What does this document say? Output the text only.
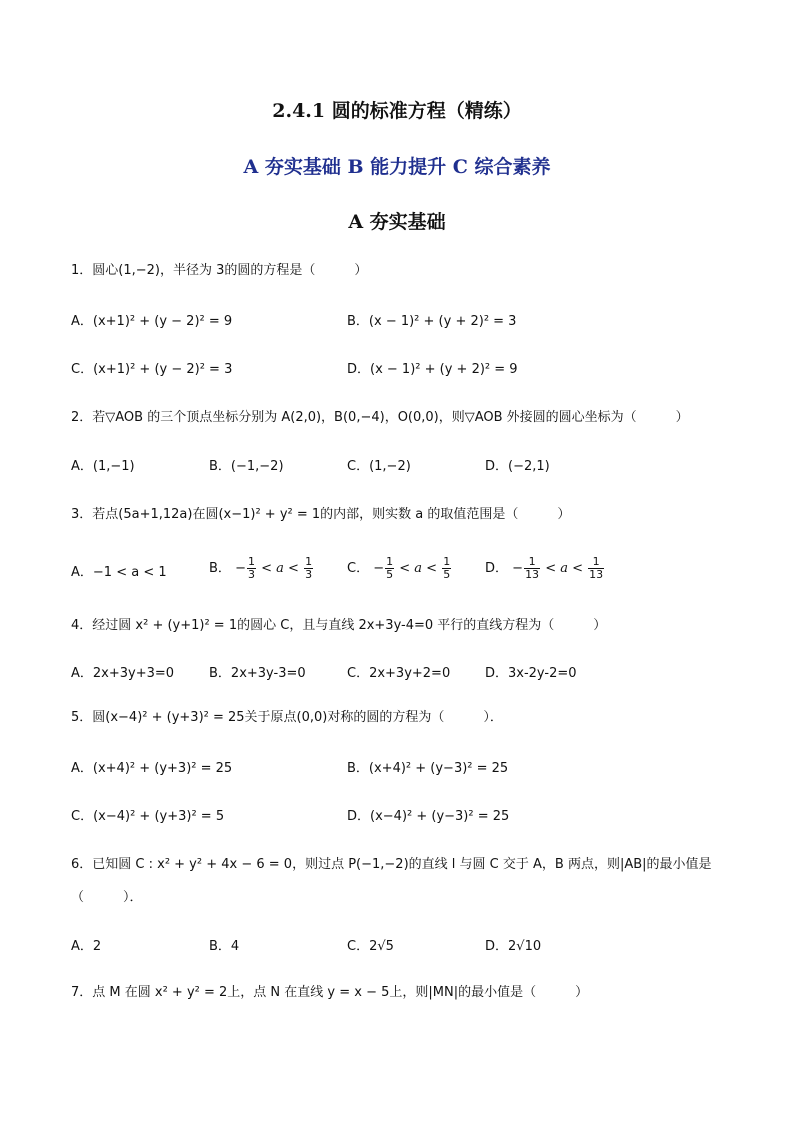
2.4.1 圆的标准方程（精练）
A 夯实基础 B 能力提升 C 综合素养
A 夯实基础
1．圆心(1,−2)，半径为 3的圆的方程是（　　　）
A．(x+1)² + (y − 2)² = 9	B．(x − 1)² + (y + 2)² = 3
C．(x+1)² + (y − 2)² = 3	D．(x − 1)² + (y + 2)² = 9
2．若▽AOB 的三个顶点坐标分别为 A(2,0)，B(0,−4)，O(0,0)，则▽AOB 外接圆的圆心坐标为（　　　）
A．(1,−1)	B．(−1,−2)	C．(1,−2)	D．(−2,1)
3．若点(5a+1,12a)在圆(x−1)² + y² = 1的内部，则实数 a 的取值范围是（　　　）
A．−1 < a < 1	B． − $\frac{1}{3} < a < \frac{1}{3}$	C． − $\frac{1}{5} < a < \frac{1}{5}$	D． − $\frac{1}{13} < a < \frac{1}{13}$
4．经过圆 x² + (y+1)² = 1的圆心 C，且与直线 2x+3y-4=0 平行的直线方程为（　　　）
A．2x+3y+3=0	B．2x+3y-3=0	C．2x+3y+2=0	D．3x-2y-2=0
5．圆(x−4)² + (y+3)² = 25关于原点(0,0)对称的圆的方程为（　　　）．
A．(x+4)² + (y+3)² = 25	B．(x+4)² + (y−3)² = 25
C．(x−4)² + (y+3)² = 5	D．(x−4)² + (y−3)² = 25
6．已知圆 C : x² + y² + 4x − 6 = 0，则过点 P(−1,−2)的直线 l 与圆 C 交于 A，B 两点，则|AB|的最小值是
（　　　）．
A．2	B．4	C．2√5	D．2√10
7．点 M 在圆 x² + y² = 2上，点 N 在直线 y = x − 5上，则|MN|的最小值是（　　　）
